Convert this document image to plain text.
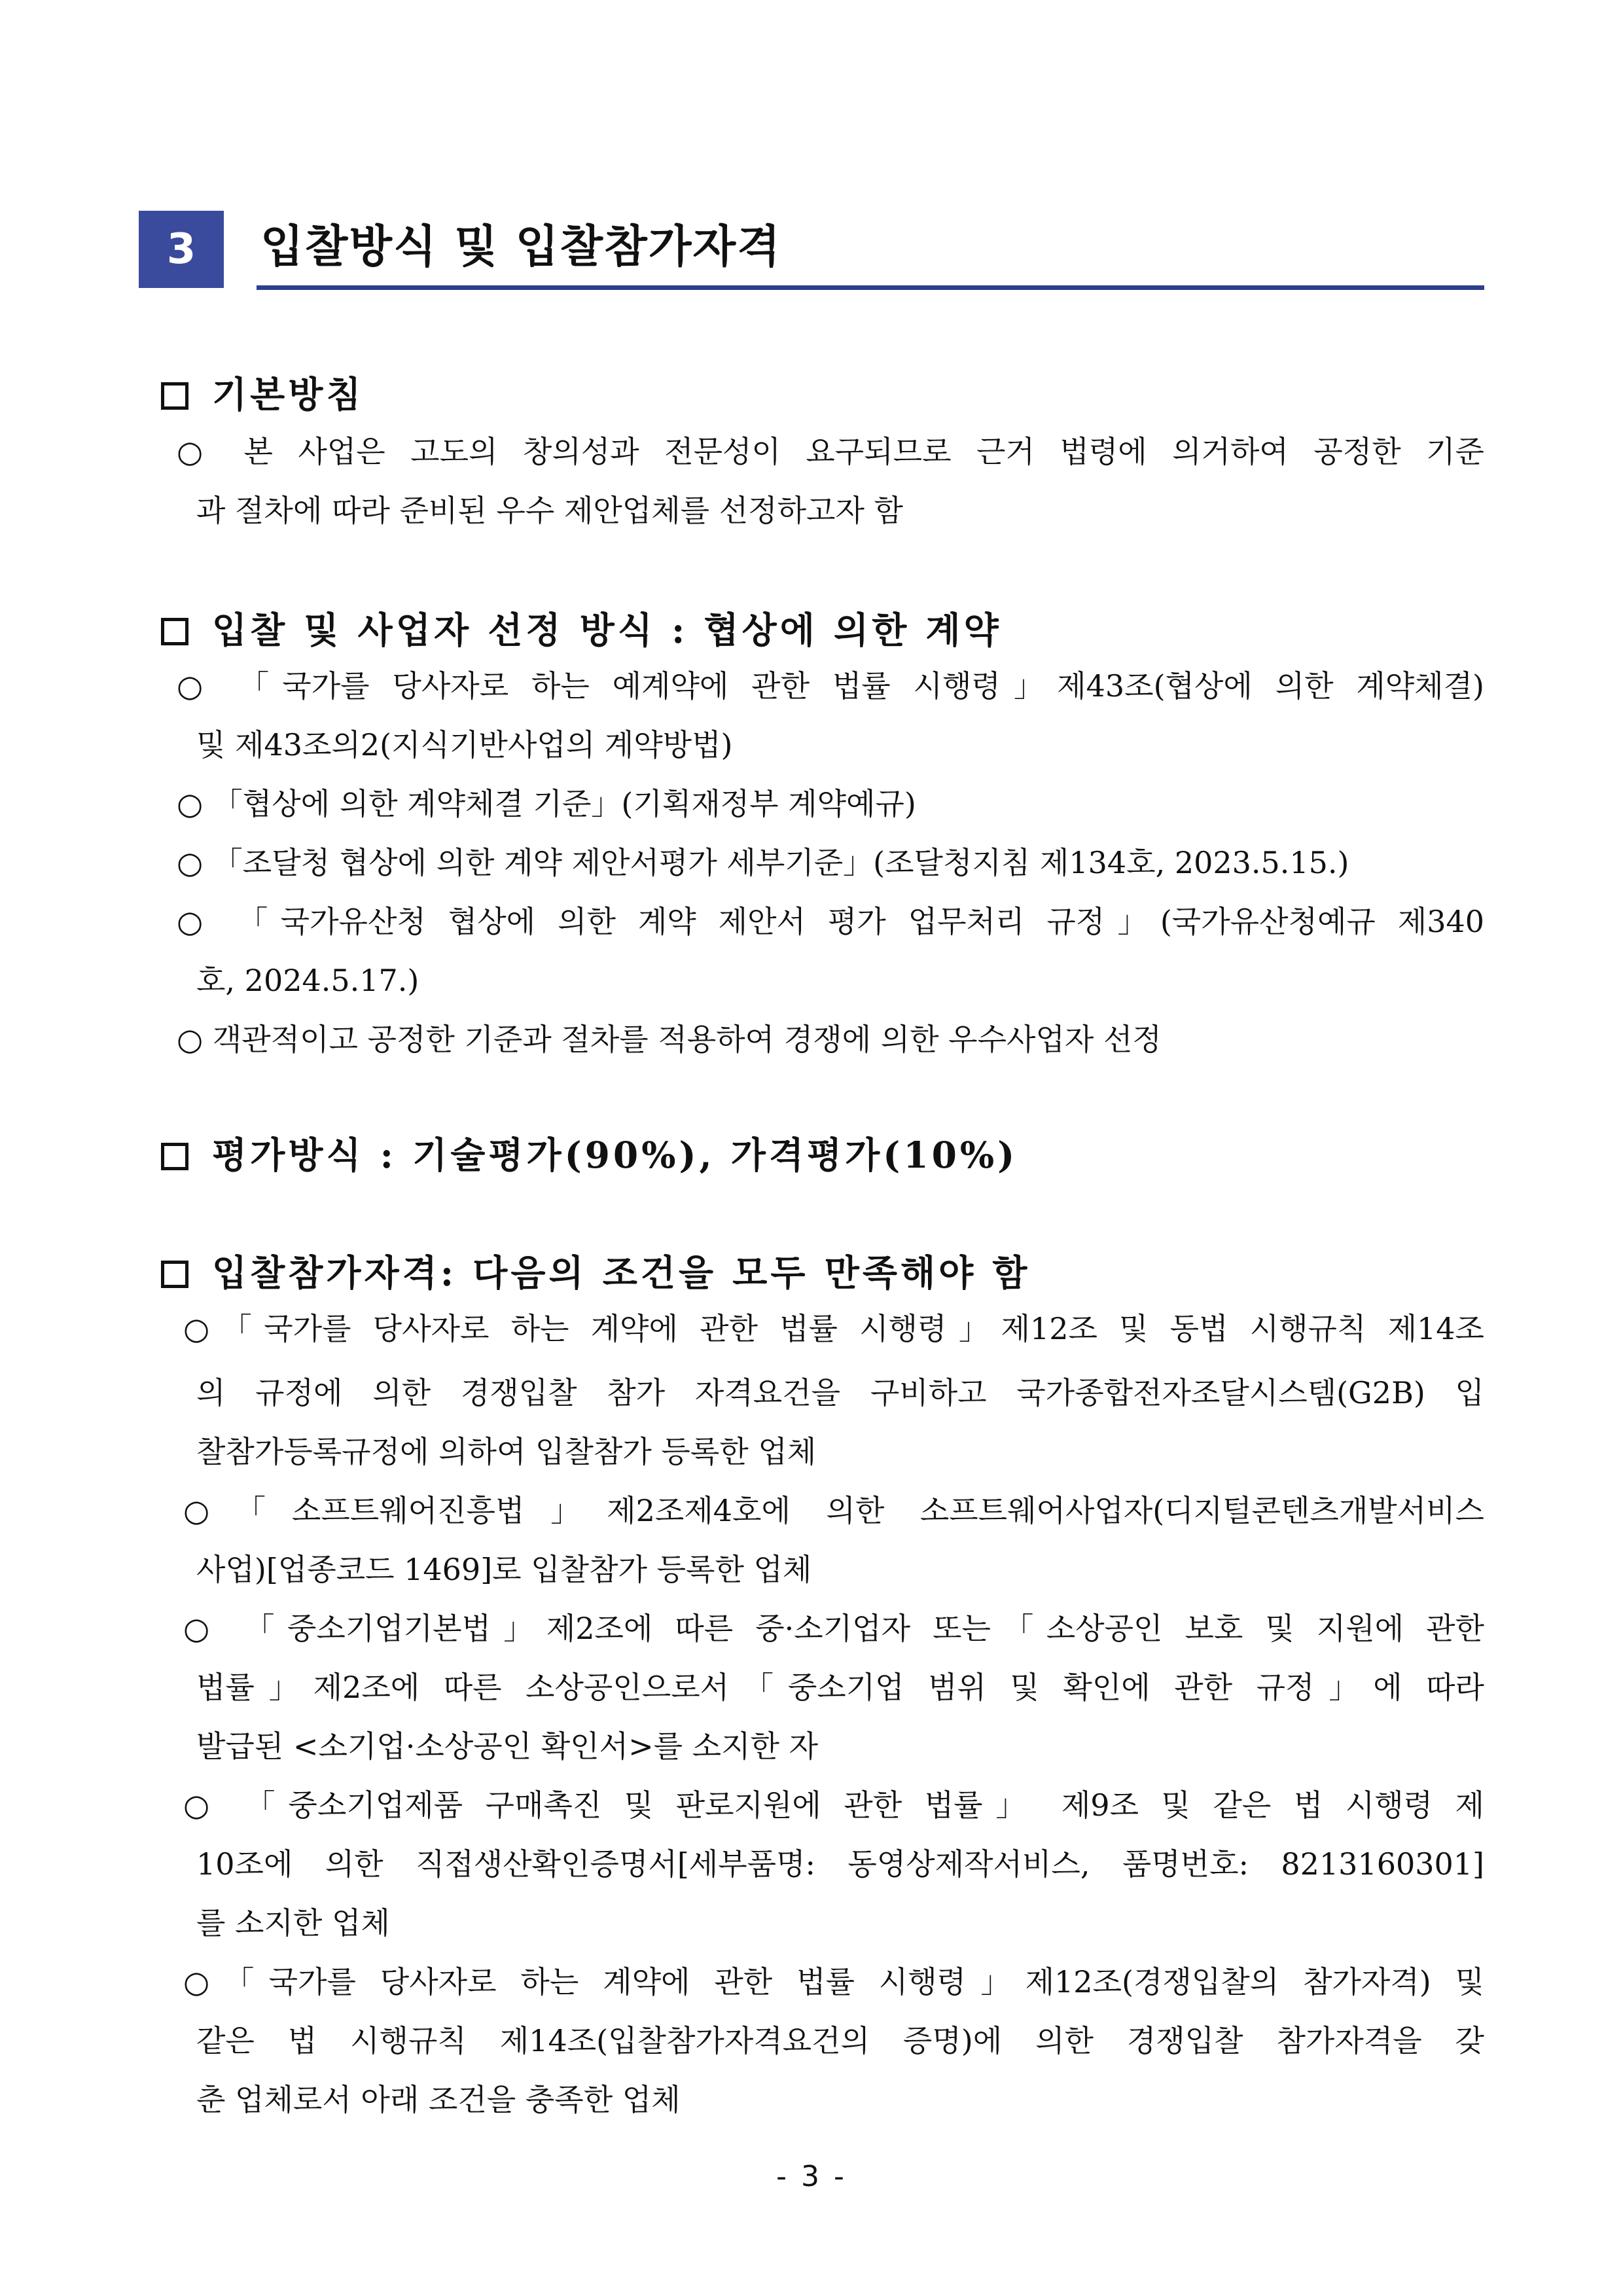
3	입찰방식 및 입찰참가자격
기본방침
○ 본 사업은 고도의 창의성과 전문성이 요구되므로 근거 법령에 의거하여 공정한 기준
과 절차에 따라 준비된 우수 제안업체를 선정하고자 함
입찰 및 사업자 선정 방식 : 협상에 의한 계약
○ 「국가를 당사자로 하는 예계약에 관한 법률 시행령」제43조(협상에 의한 계약체결)
및 제43조의2(지식기반사업의 계약방법)
○ 「협상에 의한 계약체결 기준」(기획재정부 계약예규)
○ 「조달청 협상에 의한 계약 제안서평가 세부기준」(조달청지침 제134호, 2023.5.15.)
○ 「국가유산청 협상에 의한 계약 제안서 평가 업무처리 규정」(국가유산청예규 제340
호, 2024.5.17.)
○ 객관적이고 공정한 기준과 절차를 적용하여 경쟁에 의한 우수사업자 선정
평가방식 : 기술평가(90%), 가격평가(10%)
입찰참가자격: 다음의 조건을 모두 만족해야 함
○「국가를 당사자로 하는 계약에 관한 법률 시행령」제12조 및 동법 시행규칙 제14조
의 규정에 의한 경쟁입찰 참가 자격요건을 구비하고 국가종합전자조달시스템(G2B) 입
찰참가등록규정에 의하여 입찰참가 등록한 업체
○「소프트웨어진흥법」제2조제4호에 의한 소프트웨어사업자(디지털콘텐츠개발서비스
사업)[업종코드 1469]로 입찰참가 등록한 업체
○ 「중소기업기본법」제2조에 따른 중·소기업자 또는「소상공인 보호 및 지원에 관한
법률」제2조에 따른 소상공인으로서「중소기업 범위 및 확인에 관한 규정」에 따라
발급된 <소기업·소상공인 확인서>를 소지한 자
○ 「중소기업제품 구매촉진 및 판로지원에 관한 법률」 제9조 및 같은 법 시행령 제
10조에 의한 직접생산확인증명서[세부품명: 동영상제작서비스, 품명번호: 8213160301]
를 소지한 업체
○「국가를 당사자로 하는 계약에 관한 법률 시행령」제12조(경쟁입찰의 참가자격) 및
같은 법 시행규칙 제14조(입찰참가자격요건의 증명)에 의한 경쟁입찰 참가자격을 갖
춘 업체로서 아래 조건을 충족한 업체
- 3 -
